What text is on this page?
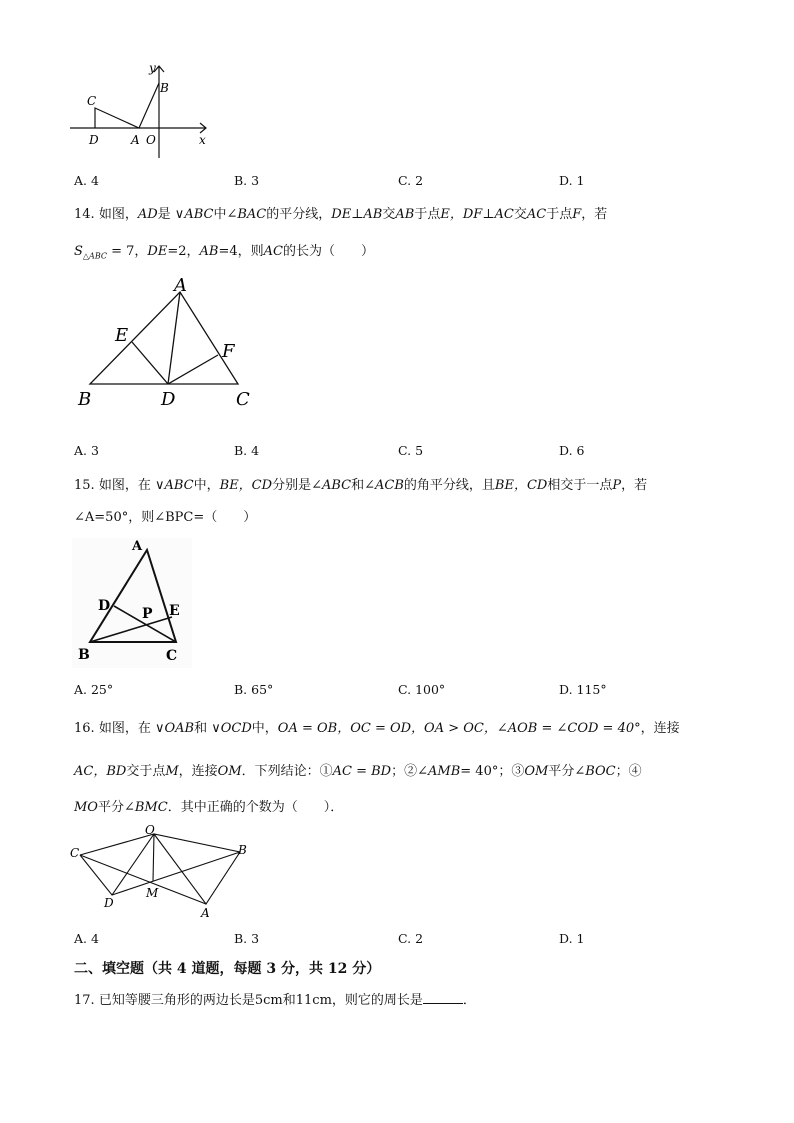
y
B
C
D	A O	x
A. 4	B. 3	C. 2	D. 1
14. 如图，AD是 ∨ABC中∠BAC的平分线，DE⊥AB交AB于点E，DF⊥AC交AC于点F，若
$S_{\triangle ABC} = 7$，DE=2，AB=4，则AC的长为（　　）
A
E
F
B	D	C
A. 3	B. 4	C. 5	D. 6
15. 如图，在 ∨ABC中，BE，CD分别是∠ABC和∠ACB的角平分线，且BE，CD相交于一点P，若
∠A=50°，则∠BPC=（　　）
A
D P E
B	C
A. 25°	B. 65°	C. 100°	D. 115°
16. 如图，在 ∨OAB和 ∨OCD中，OA = OB，OC = OD，OA > OC，∠AOB = ∠COD = 40°，连接
AC，BD交于点M，连接OM．下列结论：①AC = BD；②∠AMB= 40°；③OM平分∠BOC；④
MO平分∠BMC．其中正确的个数为（　　）．
O
C	B
M
D
A
A. 4	B. 3	C. 2	D. 1
二、填空题（共 4 道题，每题 3 分，共 12 分）
17. 已知等腰三角形的两边长是5cm和11cm，则它的周长是	．
